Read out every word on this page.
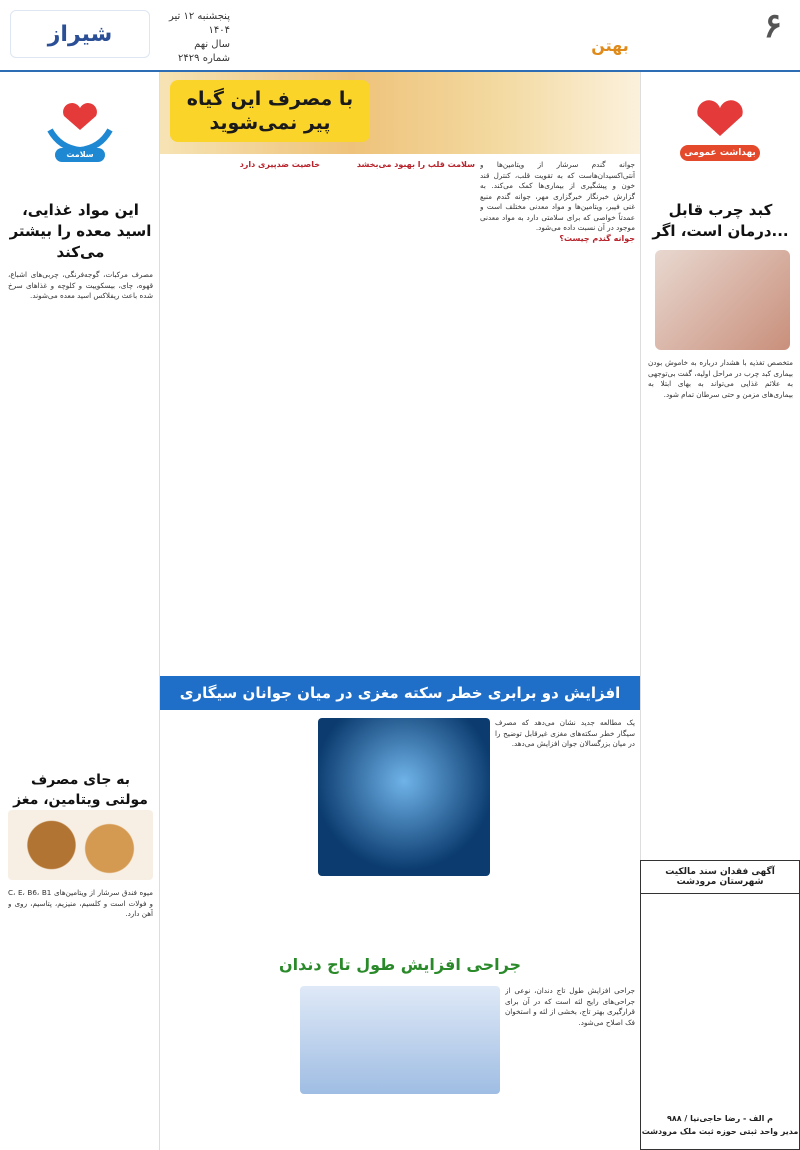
شیراز
پنجشنبه ۱۲ تیر ۱۴۰۴
سال نهم
شماره ۲۴۲۹
۶
بهتن
بهداشت عمومی
کبد چرب قابل درمان است، اگر...
متخصص تغذیه با هشدار درباره به خاموش بودن بیماری کبد چرب در مراحل اولیه، گفت بی‌توجهی به علائم غذایی می‌تواند به بهای ابتلا به بیماری‌های مزمن و حتی سرطان تمام شود.
آگهی فقدان سند مالکیت شهرستان مرودشت
۹۸۸ / م الف - رضا حاجی‌نیا
مدیر واحد ثبتی حوزه ثبت ملک مرودشت
سلامت
این مواد غذایی، اسید معده را بیشتر می‌کند
مصرف مرکبات، گوجه‌فرنگی، چربی‌های اشباع، قهوه، چای، بیسکوییت و کلوچه و غذاهای سرخ شده باعث ریفلاکس اسید معده می‌شوند.
به جای مصرف مولتی ویتامین، مغز
میوه فندق سرشار از ویتامین‌های C، E، B6، B1 و فولات است و کلسیم، منیزیم، پتاسیم، روی و آهن دارد.
با مصرف این گیاه
پیر نمی‌شوید
خاصیت ضدپیری دارد	سلامت قلب را بهبود می‌بخشد جوانه گندم سرشار از ویتامین‌ها و آنتی‌اکسیدان‌هاست که به تقویت قلب، کنترل قند خون و پیشگیری از بیماری‌ها کمک می‌کند. به گزارش خبرنگار خبرگزاری مهر، جوانه گندم منبع غنی فیبر، ویتامین‌ها و مواد معدنی مختلف است و عمدتاً خواصی که برای سلامتی دارد به مواد معدنی موجود در آن نسبت داده می‌شود.
جوانه گندم چیست؟
افزایش دو برابری خطر سکته مغزی در میان جوانان سیگاری
یک مطالعه جدید نشان می‌دهد که مصرف سیگار خطر سکته‌های مغزی غیرقابل توضیح را در میان بزرگسالان جوان افزایش می‌دهد.
جراحی افزایش طول تاج دندان
جراحی افزایش طول تاج دندان، نوعی از جراحی‌های رایج لثه است که در آن برای قرارگیری بهتر تاج، بخشی از لثه و استخوان فک اصلاح می‌شود.
